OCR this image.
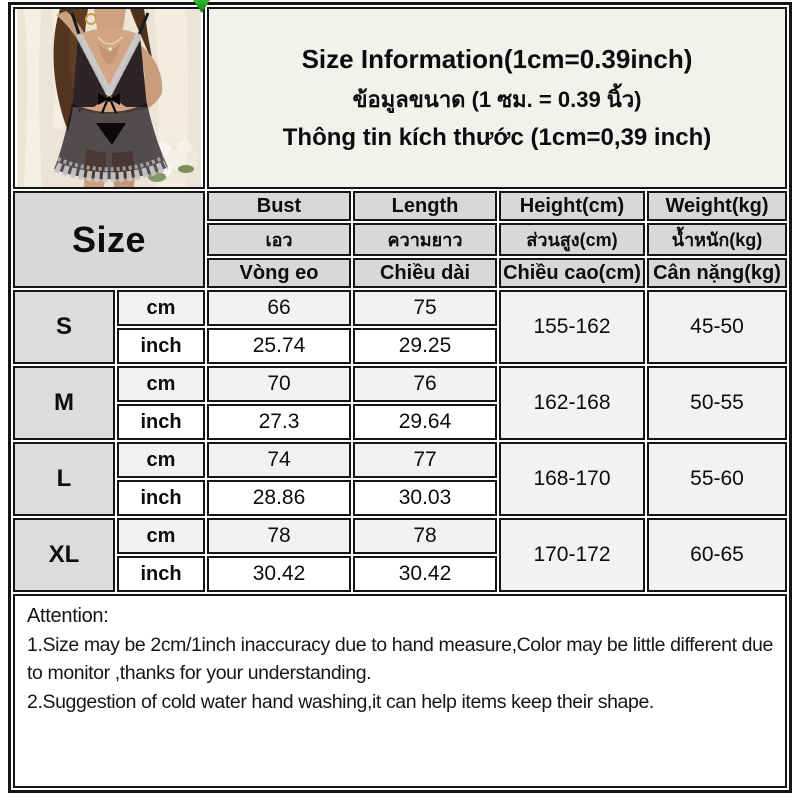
Size Information(1cm=0.39inch)
ข้อมูลขนาด (1 ซม. = 0.39 นิ้ว)
Thông tin kích thước (1cm=0,39 inch)			

Size		Bust	Length	Height(cm)	Weight(kg)
		เอว	ความยาว	ส่วนสูง(cm)	น้ำหนัก(kg)
		Vòng eo	Chiều dài	Chiều cao(cm)	Cân nặng(kg)
S	cm	66	75	155-162	45-50
	inch	25.74	29.25		
M	cm	70	76	162-168	50-55
	inch	27.3	29.64		
L	cm	74	77	168-170	55-60
	inch	28.86	30.03		
XL	cm	78	78	170-172	60-65
	inch	30.42	30.42		

Attention:
1.Size may be 2cm/1inch inaccuracy due to hand measure,Color may be little different due to monitor ,thanks for your understanding.
2.Suggestion of cold water hand washing,it can help items keep their shape.					
